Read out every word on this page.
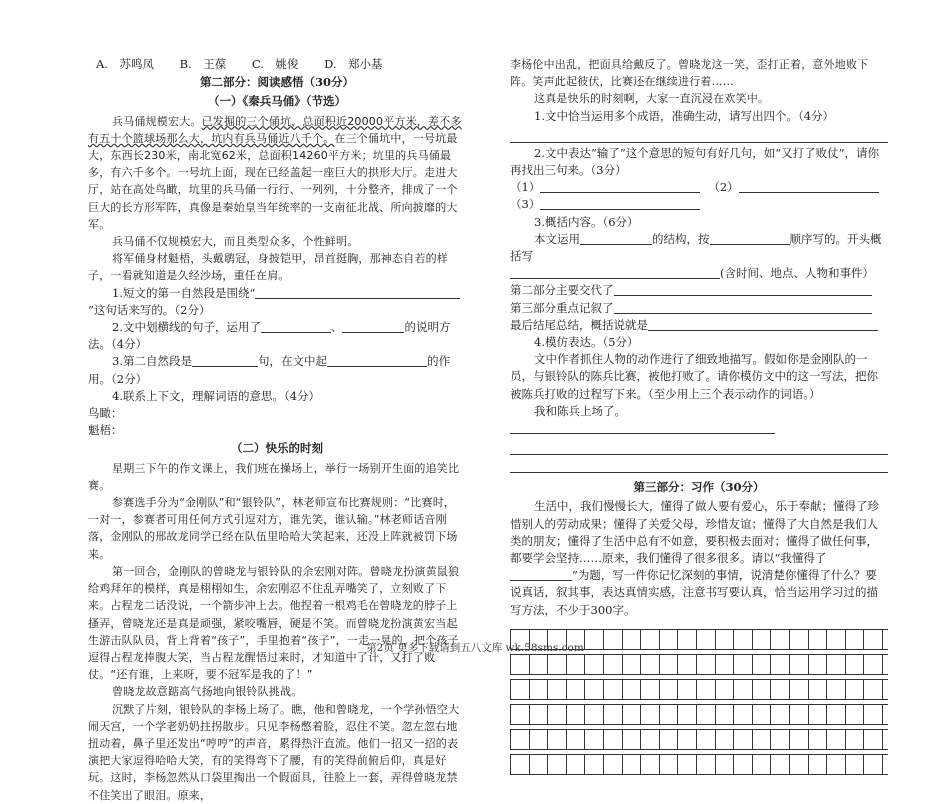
A.　苏鸣凤 B.　王葆 C.　姚俊 D.　郑小基
第二部分：阅读感悟（30分）
（一）《秦兵马俑》（节选）
兵马俑规模宏大。已发掘的三个俑坑，总面积近20000平方米，差不多有五十个篮球场那么大，坑内有兵马俑近八千个。在三个俑坑中，一号坑最大，东西长230米，南北宽62米，总面积14260平方米；坑里的兵马俑最多，有六千多个。一号坑上面，现在已经盖起一座巨大的拱形大厅。走进大厅，站在高处鸟瞰，坑里的兵马俑一行行、一列列，十分整齐，排成了一个巨大的长方形军阵，真像是秦始皇当年统率的一支南征北战、所向披靡的大军。
兵马俑不仅规模宏大，而且类型众多，个性鲜明。
将军俑身材魁梧，头戴鹖冠，身披铠甲，昂首挺胸，那神态自若的样子，一看就知道是久经沙场，重任在肩。
1.短文的第一自然段是围绕“”这句话来写的。（2分）
2.文中划横线的句子，运用了	、	的说明方法。（4分）
3.第二自然段是	句，在文中起	的作用。（2分）
4.联系上下文，理解词语的意思。（4分）
鸟瞰：
魁梧：
（二）快乐的时刻
星期三下午的作文课上，我们班在操场上，举行一场别开生面的追笑比赛。
参赛选手分为“金刚队”和“银铃队”，林老师宣布比赛规则：“比赛时，一对一，参赛者可用任何方式引逗对方，谁先笑，谁认输。”林老师话音刚落，金刚队的邢故龙同学已经在队伍里哈哈大笑起来，还没上阵就被罚下场来。
第一回合，金刚队的曾晓龙与银铃队的余宏刚对阵。曾晓龙扮演黄鼠狼给鸡拜年的模样，真是栩栩如生，余宏刚忍不住乱弄嘴笑了，立刻败了下来。占程龙二话没说，一个箭步冲上去。他捏着一根鸡毛在曾晓龙的脖子上搔弄，曾晓龙还是真是顽强，紧咬嘴唇，硬是不笑。而曾晓龙扮演黄宏当起生游击队队员，背上背着“孩子”，手里抱着“孩子”，一走一晃的，把个孩子逗得占程龙捧腹大笑，当占程龙醒悟过来时，才知道中了计，又打了败仗。“还有谁，上来呀，要不冠军是我的了！”
曾晓龙故意踮高气扬地向银铃队挑战。
沉默了片刻，银铃队的李杨上场了。瞧，他和曾晓龙，一个学孙悟空大闹天宫，一个学老奶奶拄拐散步。只见李杨憋着脸，忍住不笑。忽左忽右地扭动着，鼻子里还发出“哼哼”的声音，累得热汗直流。他们一招又一招的表演把大家逗得哈哈大笑，有的笑得弯下了腰，有的笑得前俯后仰，真是好玩。这时，李杨忽然从口袋里掏出一个假面具，往脸上一套，弄得曾晓龙禁不住笑出了眼泪。原来，
李杨伦中出乱，把面具给戴反了。曾晓龙这一笑，歪打正着，意外地败下阵。笑声此起彼伏，比赛还在继续进行着……
这真是快乐的时刻啊，大家一直沉浸在欢笑中。
1.文中恰当运用多个成语，准确生动，请写出四个。（4分）
2.文中表达“输了”这个意思的短句有好几句，如“又打了败仗”，请你再找出三句来。（3分）
（1）	（2）
（3）
3.概括内容。（6分）
本文运用	的结构，按	顺序写的。开头概括写
(含时间、地点、人物和事件）
第二部分主要交代了
第三部分重点记叙了
最后结尾总结，概括说就是
4.模仿表达。（5分）
文中作者抓住人物的动作进行了细致地描写。假如你是金刚队的一员，与银铃队的陈兵比赛，被他打败了。请你模仿文中的这一写法，把你被陈兵打败的过程写下来。（至少用上三个表示动作的词语。）
我和陈兵上场了。
第三部分：习作（30分）
生活中，我们慢慢长大，懂得了做人要有爱心，乐于奉献；懂得了珍惜别人的劳动成果；懂得了关爱父母，珍惜友谊；懂得了大自然是我们人类的朋友；懂得了生活中总有不如意，要积极去面对；懂得了做任何事，都要学会坚持……原来，我们懂得了很多很多。请以“我懂得了”为题，写一件你记忆深刻的事情，说清楚你懂得了什么？要说真话，叙其事，表达真情实感，注意书写要认真，恰当运用学习过的描写方法，不少于300字。
第2页 更多下载请到五八文库 wk.58sms.com
